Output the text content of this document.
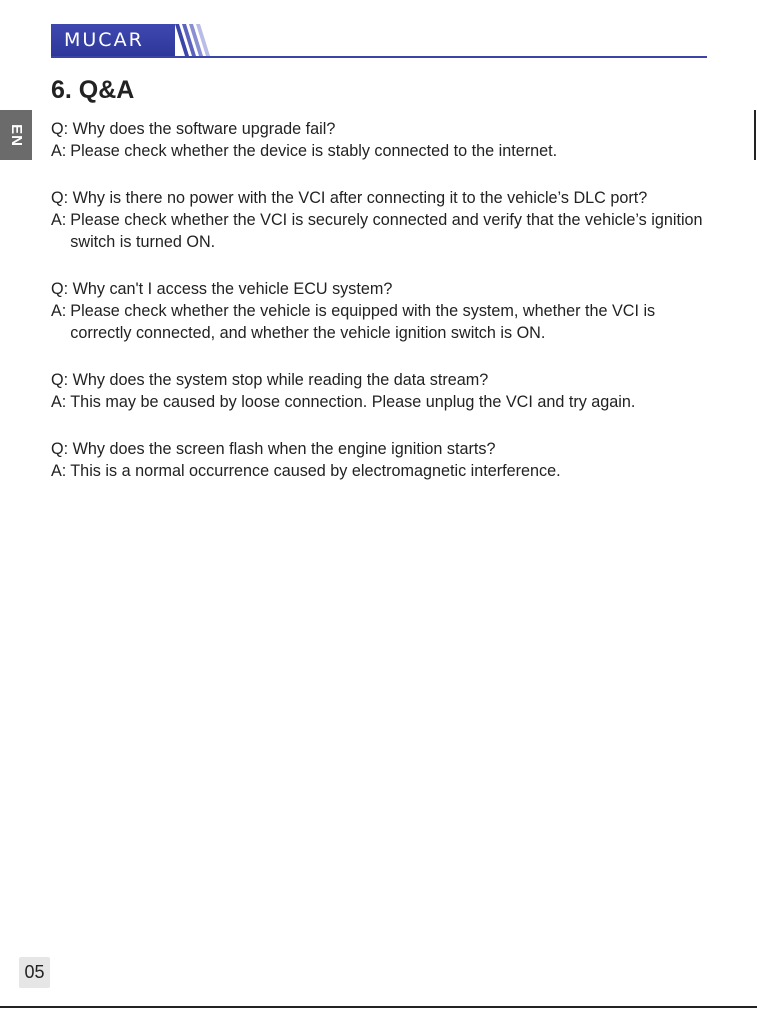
MUCAR
6. Q&A
EN Q: Why does the software upgrade fail?
A: Please check whether the device is stably connected to the internet.
Q: Why is there no power with the VCI after connecting it to the vehicle’s DLC port?
A: Please check whether the VCI is securely connected and verify that the vehicle’s ignition switch is turned ON.
Q: Why can't I access the vehicle ECU system?
A: Please check whether the vehicle is equipped with the system, whether the VCI is correctly connected, and whether the vehicle ignition switch is ON.
Q: Why does the system stop while reading the data stream?
A: This may be caused by loose connection. Please unplug the VCI and try again.
Q: Why does the screen flash when the engine ignition starts?
A: This is a normal occurrence caused by electromagnetic interference.
05
